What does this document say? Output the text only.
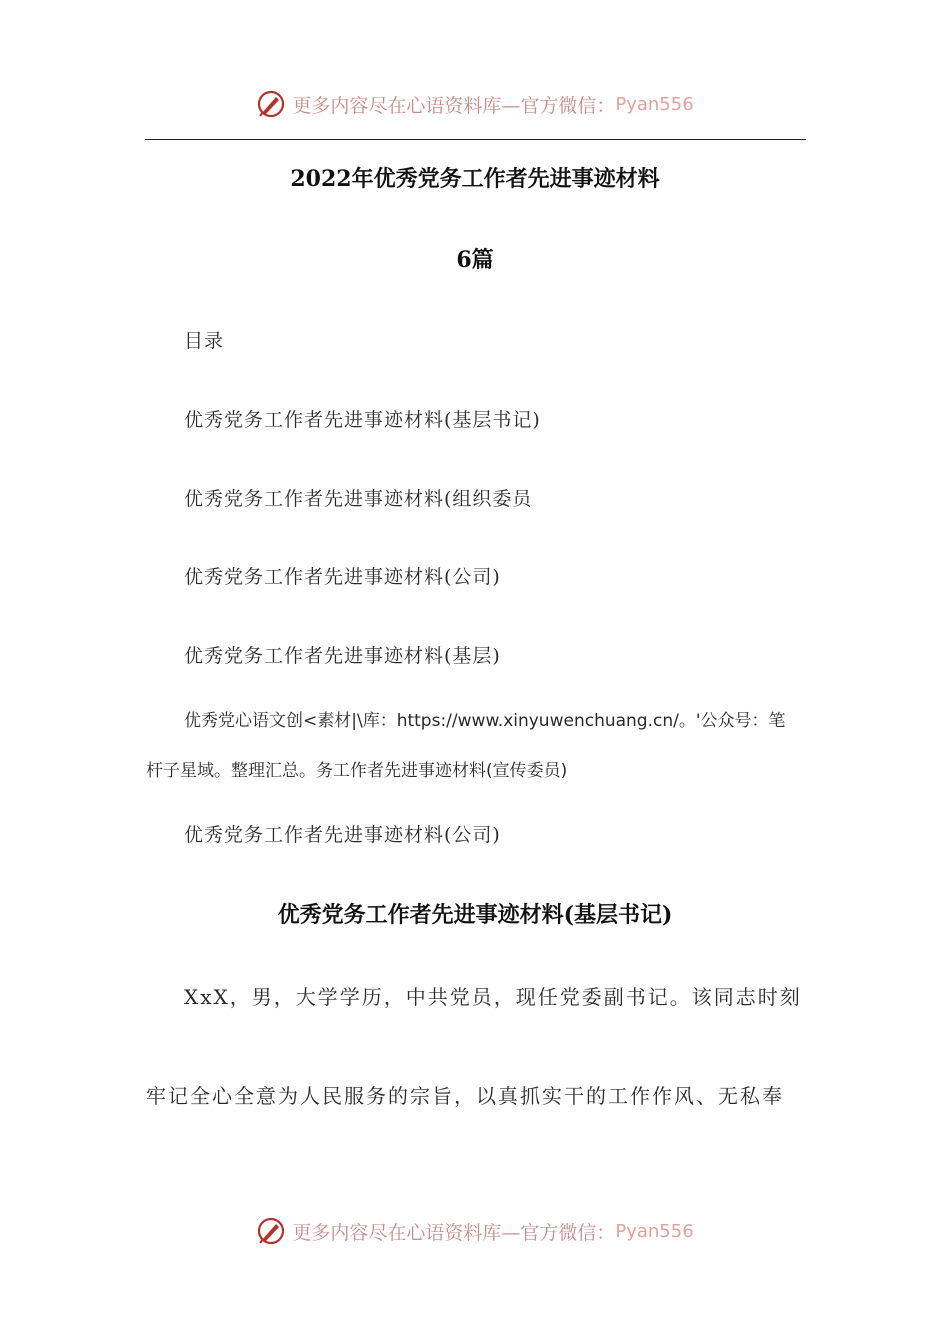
更多内容尽在心语资料库—官方微信： Pyan556
2022年优秀党务工作者先进事迹材料
6篇
目录
优秀党务工作者先进事迹材料(基层书记)
优秀党务工作者先进事迹材料(组织委员
优秀党务工作者先进事迹材料(公司)
优秀党务工作者先进事迹材料(基层)
优秀党心语文创<素材|\库：https://www.xinyuwenchuang.cn/。'公众号：笔
杆子星域。整理汇总。务工作者先进事迹材料(宣传委员)
优秀党务工作者先进事迹材料(公司)
优秀党务工作者先进事迹材料(基层书记)
XxX，男，大学学历，中共党员，现任党委副书记。该同志时刻
牢记全心全意为人民服务的宗旨，以真抓实干的工作作风、无私奉
更多内容尽在心语资料库—官方微信： Pyan556
